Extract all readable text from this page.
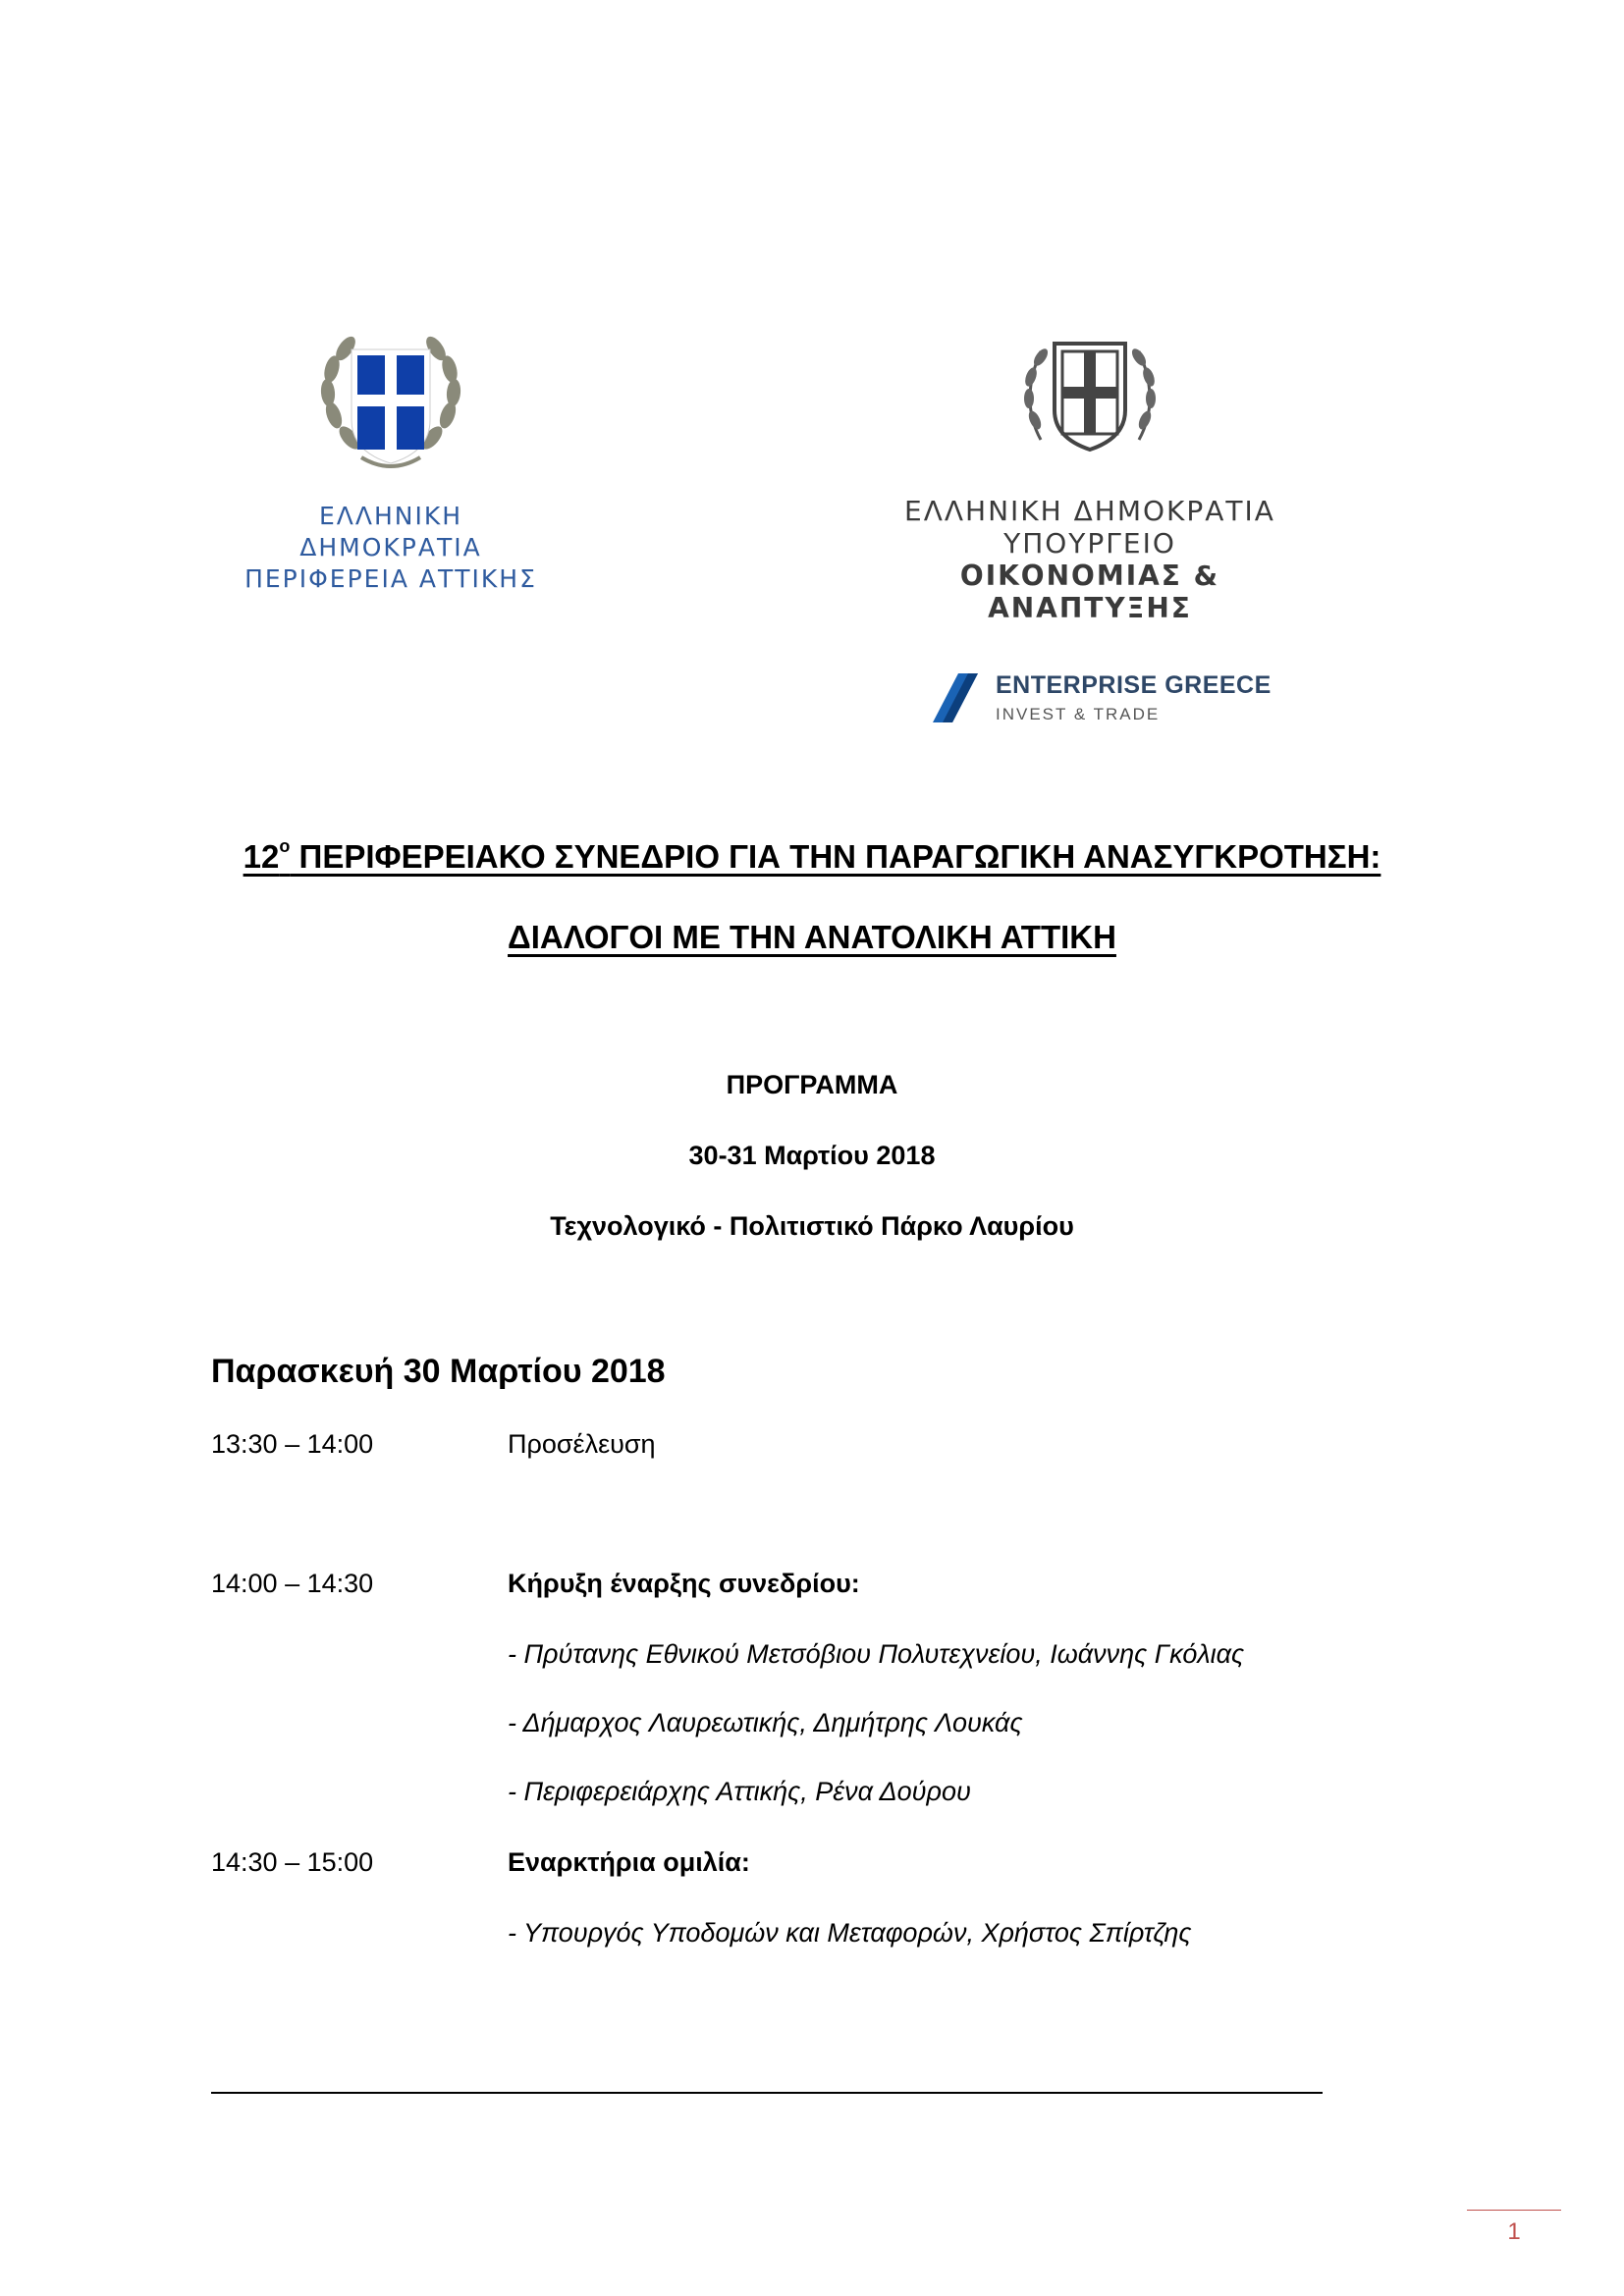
ΕΛΛΗΝΙΚΗ ΔΗΜΟΚΡΑΤΙΑ
ΠΕΡΙΦΕΡΕΙΑ ΑΤΤΙΚΗΣ
ΕΛΛΗΝΙΚΗ ΔΗΜΟΚΡΑΤΙΑ
ΥΠΟΥΡΓΕΙΟ
ΟΙΚΟΝΟΜΙΑΣ & ΑΝΑΠΤΥΞΗΣ
ENTERPRISE GREECE
INVEST & TRADE
$12^o$ ΠΕΡΙΦΕΡΕΙΑΚΟ ΣΥΝΕΔΡΙΟ ΓΙΑ ΤΗΝ ΠΑΡΑΓΩΓΙΚΗ ΑΝΑΣΥΓΚΡΟΤΗΣΗ:
ΔΙΑΛΟΓΟΙ ΜΕ ΤΗΝ ΑΝΑΤΟΛΙΚΗ ΑΤΤΙΚΗ
ΠΡΟΓΡΑΜΜΑ
30-31 Μαρτίου 2018
Τεχνολογικό - Πολιτιστικό Πάρκο Λαυρίου
Παρασκευή 30 Μαρτίου 2018
13:30 – 14:00	Προσέλευση
14:00 – 14:30	Κήρυξη έναρξης συνεδρίου:
- Πρύτανης Εθνικού Μετσόβιου Πολυτεχνείου, Ιωάννης Γκόλιας
- Δήμαρχος Λαυρεωτικής, Δημήτρης Λουκάς
- Περιφερειάρχης Αττικής, Ρένα Δούρου
14:30 – 15:00	Εναρκτήρια ομιλία:
- Υπουργός Υποδομών και Μεταφορών, Χρήστος Σπίρτζης
1
